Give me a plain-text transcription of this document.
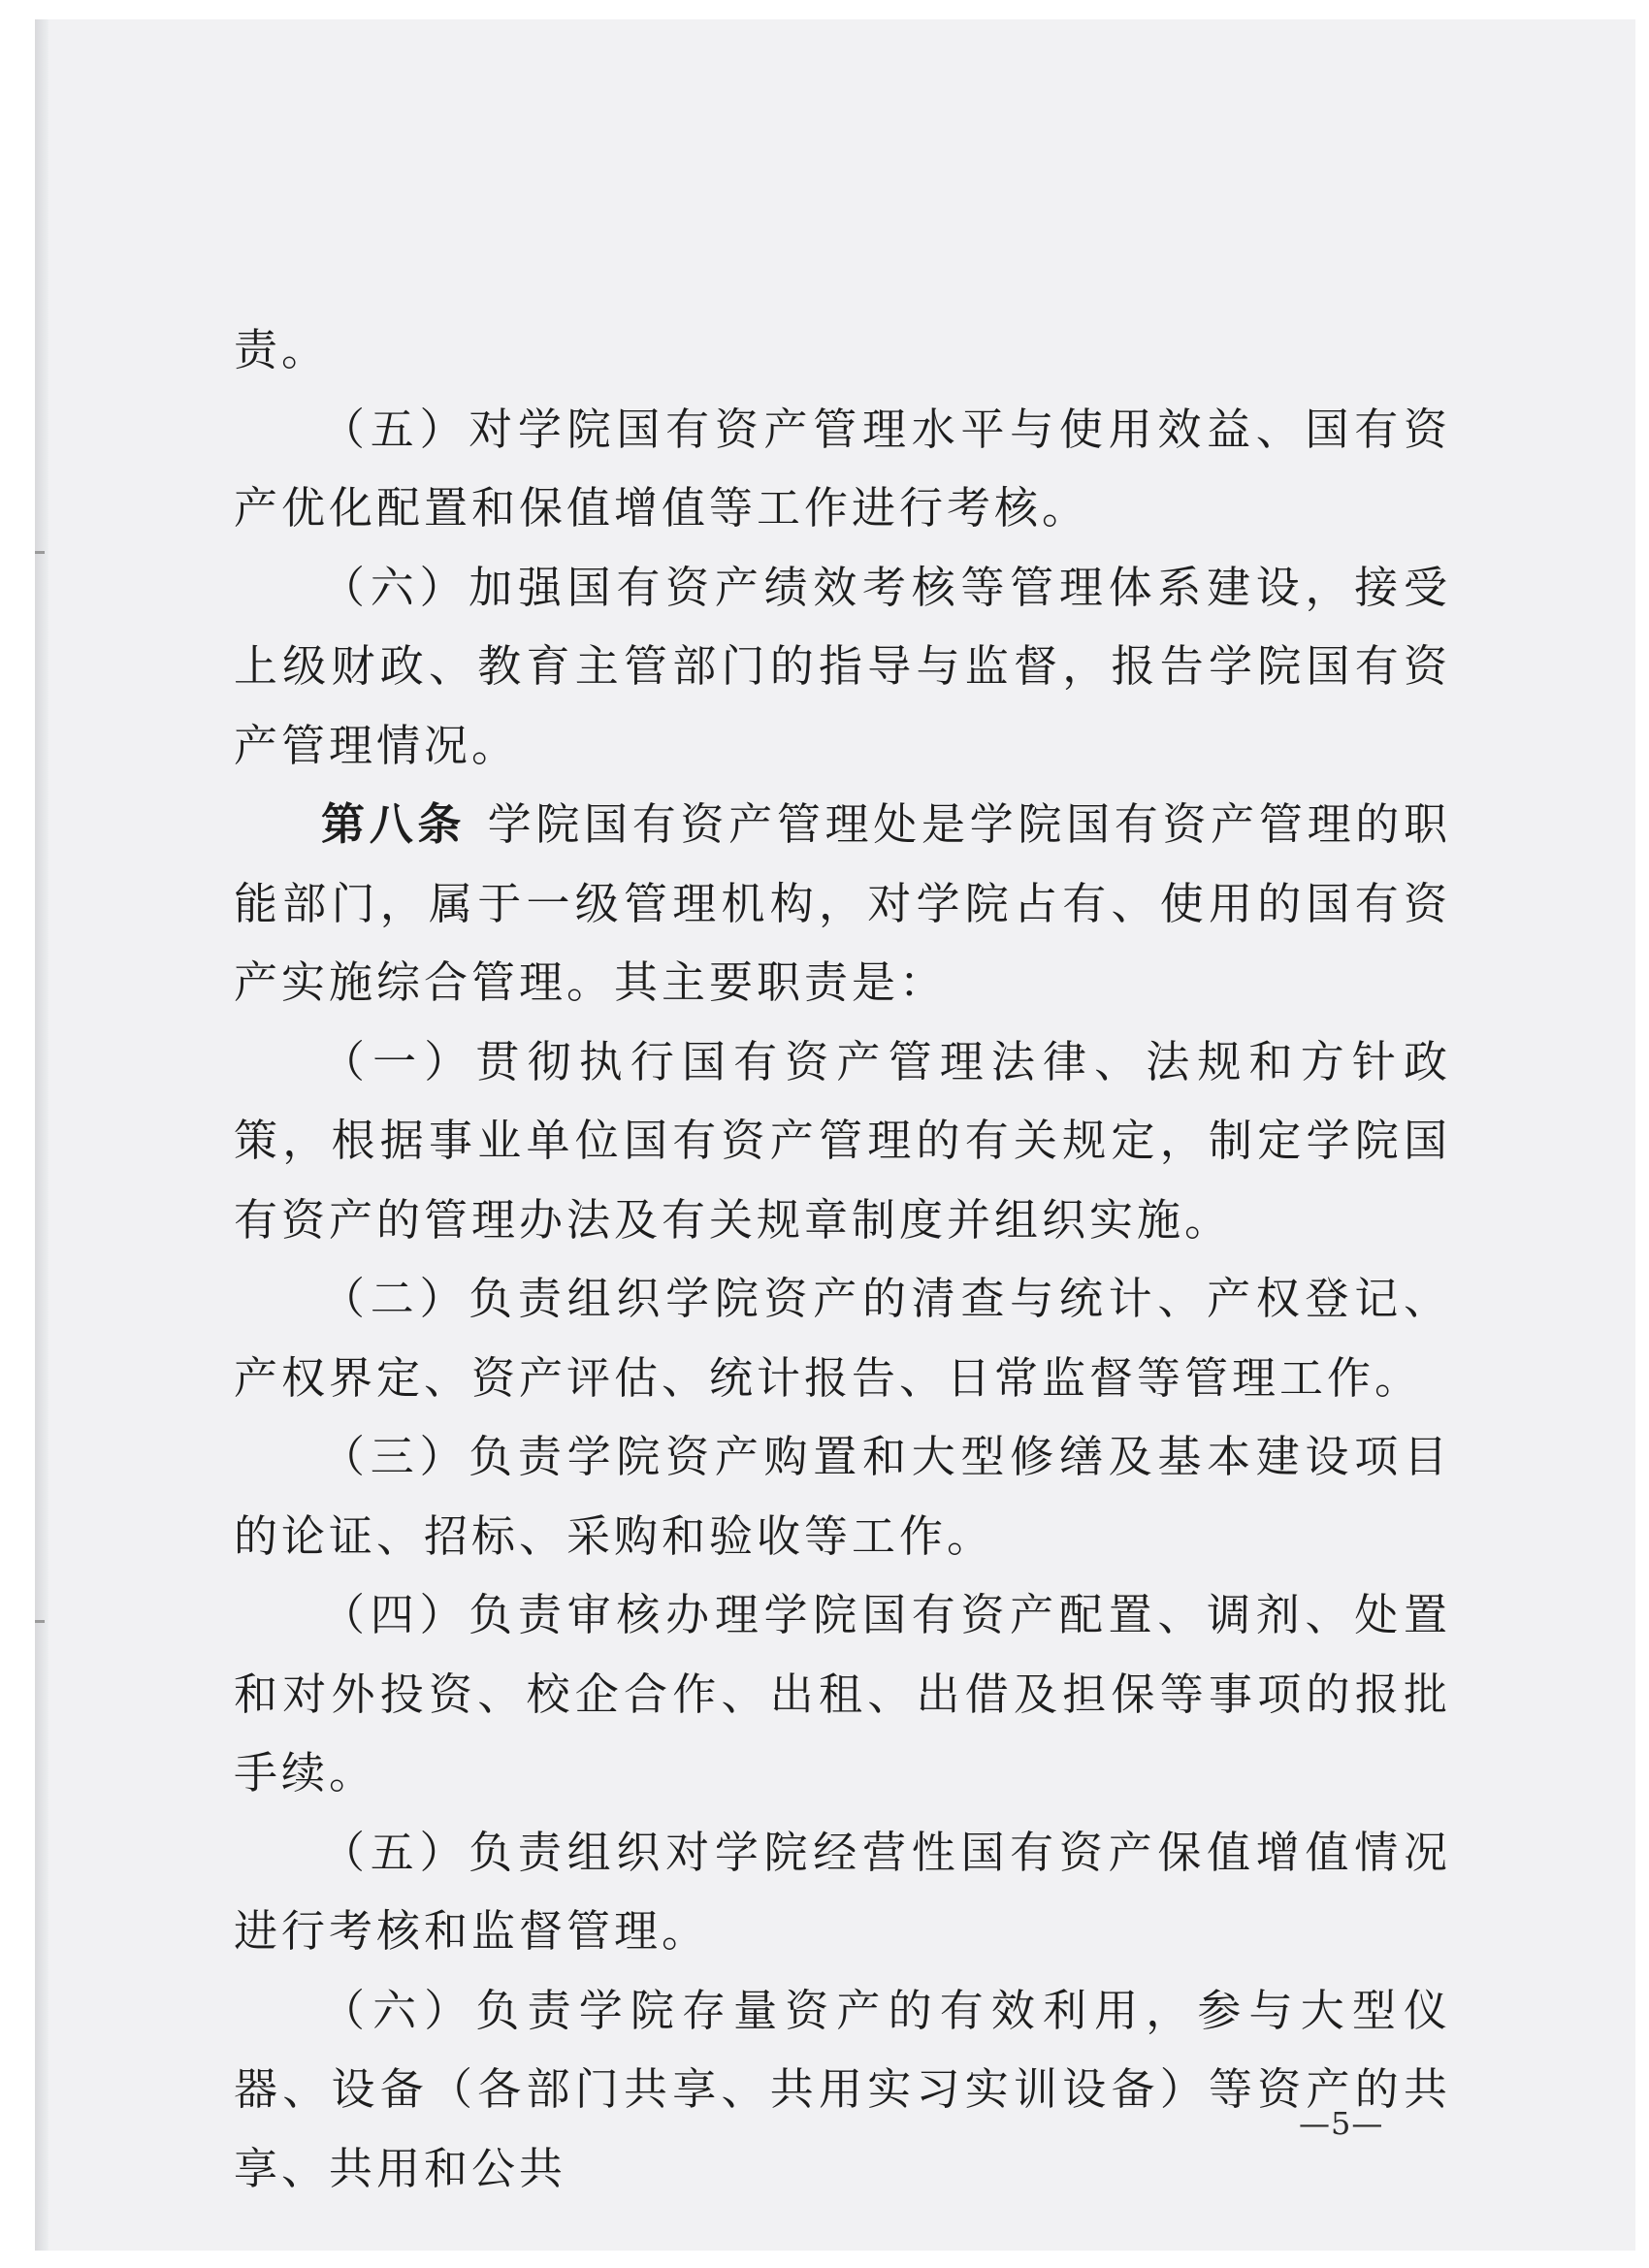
责。

（五）对学院国有资产管理水平与使用效益、国有资产优化配置和保值增值等工作进行考核。

（六）加强国有资产绩效考核等管理体系建设，接受上级财政、教育主管部门的指导与监督，报告学院国有资产管理情况。

第八条 学院国有资产管理处是学院国有资产管理的职能部门，属于一级管理机构，对学院占有、使用的国有资产实施综合管理。其主要职责是：

（一）贯彻执行国有资产管理法律、法规和方针政策，根据事业单位国有资产管理的有关规定，制定学院国有资产的管理办法及有关规章制度并组织实施。

（二）负责组织学院资产的清查与统计、产权登记、产权界定、资产评估、统计报告、日常监督等管理工作。

（三）负责学院资产购置和大型修缮及基本建设项目的论证、招标、采购和验收等工作。

（四）负责审核办理学院国有资产配置、调剂、处置和对外投资、校企合作、出租、出借及担保等事项的报批手续。

（五）负责组织对学院经营性国有资产保值增值情况进行考核和监督管理。

（六）负责学院存量资产的有效利用，参与大型仪器、设备（各部门共享、共用实习实训设备）等资产的共享、共用和公共

—5—
